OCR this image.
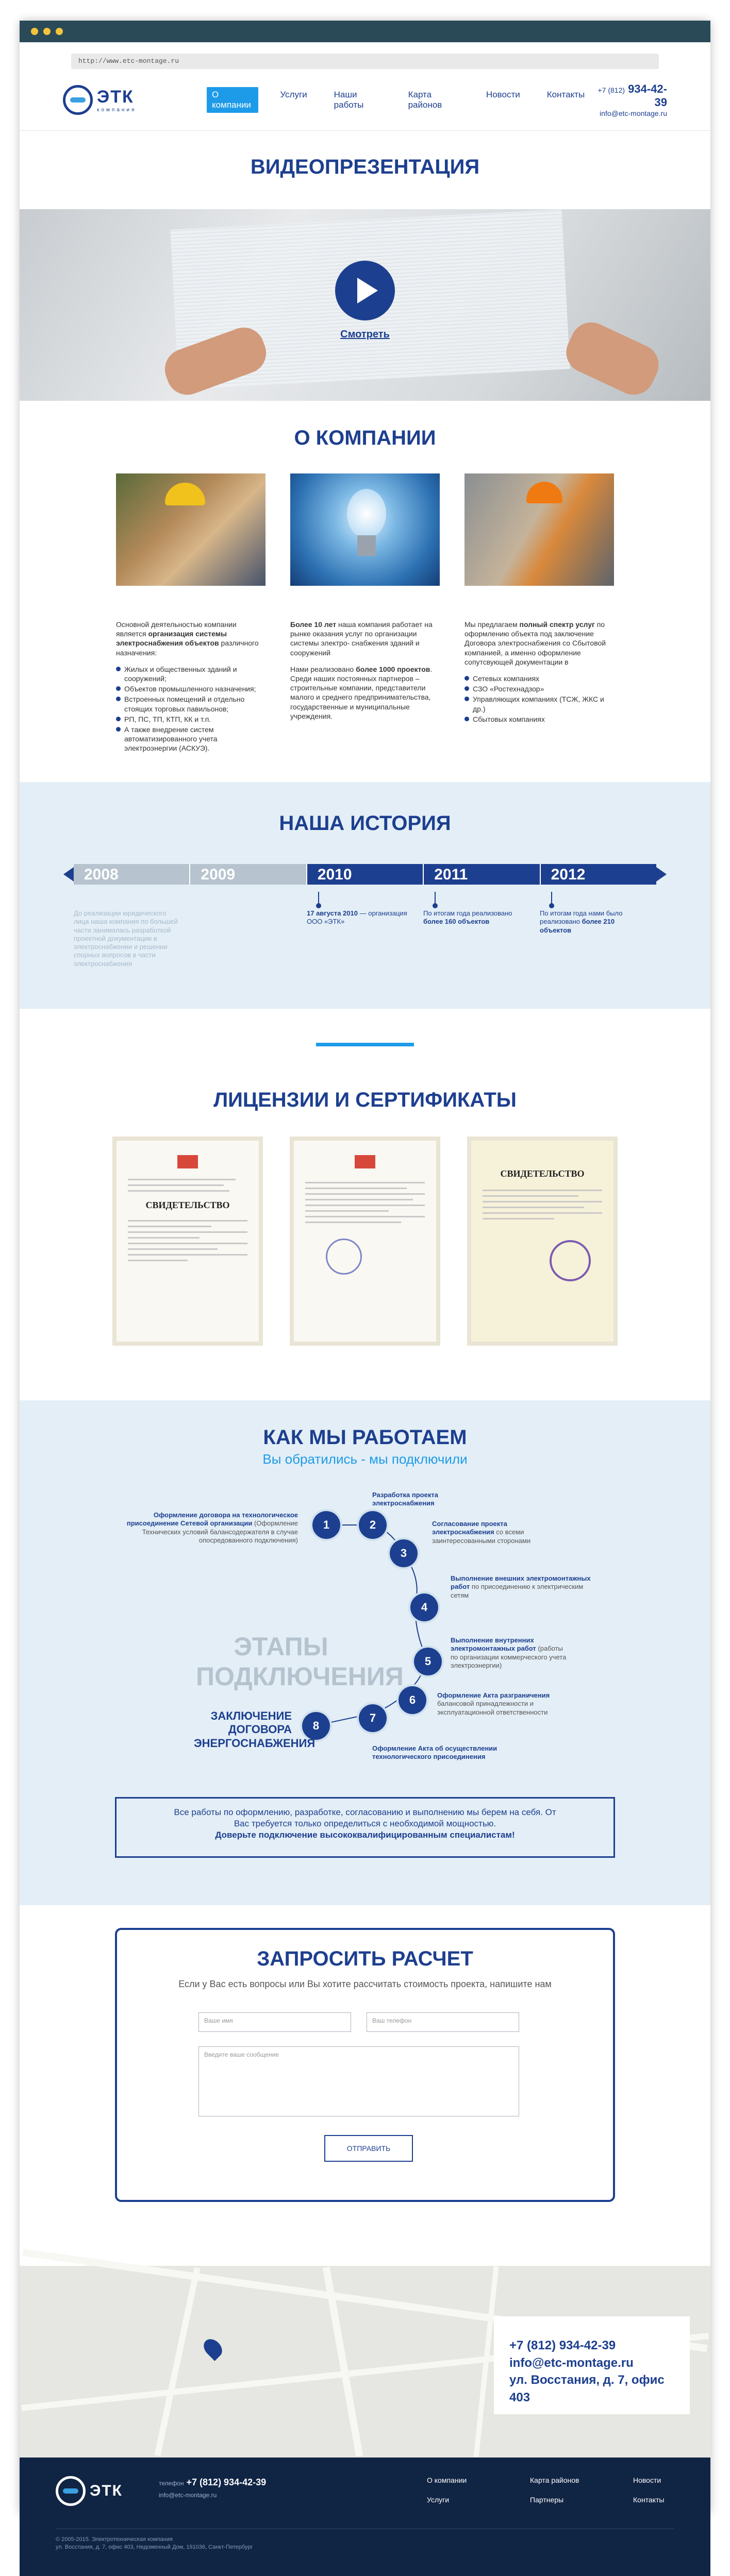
http://www.etc-montage.ru
ЭТК
компания
О компании
Услуги	Наши работы
Карта районов
Новости	Контакты	+7 (812) 934-42-39
info@etc-montage.ru
ВИДЕОПРЕЗЕНТАЦИЯ
Смотреть
О КОМПАНИИ

Основной деятельностью компании является организация системы электроснабжения объектов различного назначения:

Жилых и общественных зданий и сооружений;
Объектов промышленного назначения;
Встроенных помещений и отдельно стоящих торговых павильонов;
РП, ПС, ТП, КТП, КК и т.п.
А также внедрение систем автоматизированного учета электроэнергии (АСКУЭ).

Более 10 лет наша компания работает на рынке оказания услуг по организации системы электро- снабжения зданий и сооружений

Нами реализовано более 1000 проектов. Среди наших постоянных партнеров – строительные компании, представители малого и среднего предпринимательства, государственные и муниципальные учреждения.

Мы предлагаем полный спектр услуг по оформлению объекта под заключение Договора электроснабжения со Сбытовой компанией, а именно оформление сопутсвующей документации в

Сетевых компаниях
СЗО «Ростехнадзор»
Управляющих компаниях (ТСЖ, ЖКС и др.)
Сбытовых компаниях
НАША ИСТОРИЯ
2008	2009	2010	2011	2012
До реализации юридического лица наша компания по большей части занималась разработкой проектной документации в электроснабжении и решении спорных вопросов в части электроснабжения
17 августа 2010 — организация ООО «ЭТК»
По итогам года реализовано более 160 объектов
По итогам года нами было реализовано более 210 объектов
ЛИЦЕНЗИИ И СЕРТИФИКАТЫ
СВИДЕТЕЛЬСТВО
СВИДЕТЕЛЬСТВО
КАК МЫ РАБОТАЕМ
Вы обратились - мы подключили
ЭТАПЫ ПОДКЛЮЧЕНИЯ
1	2
3
4
5
6
7
8
Оформление договора на технологическое присоединение Сетевой организации (Оформление Технических условий балансодержателя в случае опосредованного подключения)
Разработка проекта электроснабжения
Согласование проекта электроснабжения со всеми заинтересованными сторонами
Выполнение внешних электромонтажных работ по присоединению к электрическим сетям
Выполнение внутренних электромонтажных работ (работы по организации коммерческого учета электроэнергии)
Оформление Акта разграничения балансовой принадлежности и эксплуатационной ответственности
Оформление Акта об осуществлении технологического присоединения
ЗАКЛЮЧЕНИЕ ДОГОВОРА ЭНЕРГОСНАБЖЕНИЯ
Все работы по оформлению, разработке, согласованию и выполнению мы берем на себя. От
Вас требуется только определиться с необходимой мощностью.
Доверьте подключение высококвалифицированным специалистам!
ЗАПРОСИТЬ РАСЧЕТ
Если у Вас есть вопросы или Вы хотите рассчитать стоимость проекта, напишите нам
Ваше имя	Ваш телефон
Введите ваше сообщение
ОТПРАВИТЬ
+7 (812) 934-42-39
info@etc-montage.ru
ул. Восстания, д. 7, офис 403
ЭТК	телефон +7 (812) 934-42-39
info@etc-montage.ru
О компании	Карта районов	Новости
Услуги	Партнеры	Контакты
© 2005-2015. Электротехническая компания
ул. Восстания, д. 7, офис 403, Недоменный Дом, 191036, Санкт-Петербург
